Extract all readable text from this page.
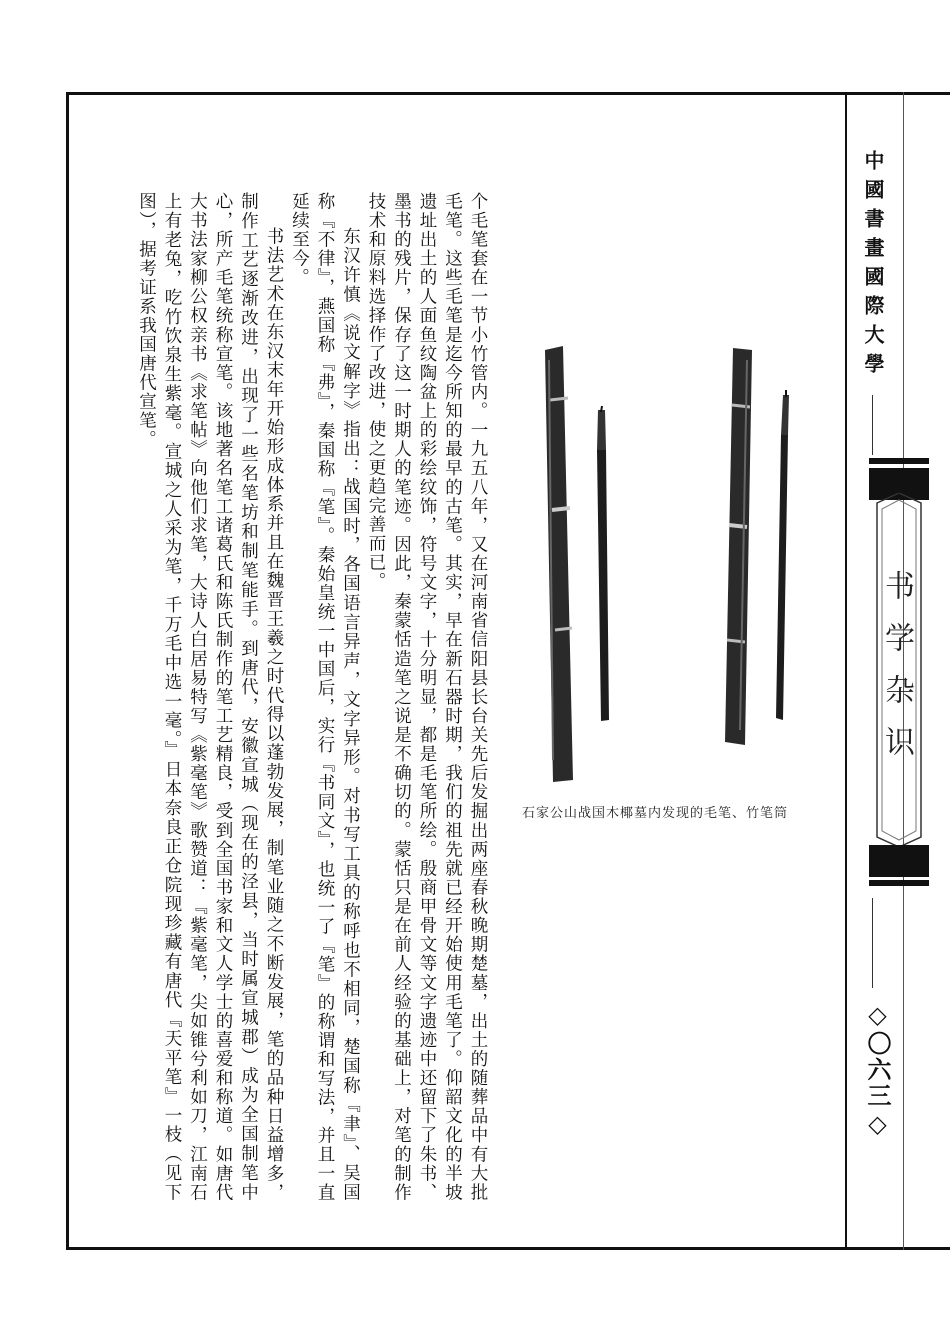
中國書畫國際大學
书学杂识
◇〇六三◇
石家公山战国木椰墓内发现的毛笔、竹笔筒

个毛笔套在一节小竹管内。一九五八年，又在河南省信阳县长台关先后发掘出两座春秋晚期楚墓，出土的随葬品中有大批毛笔。这些毛笔是迄今所知的最早的古笔。其实，早在新石器时期，我们的祖先就已经开始使用毛笔了。仰韶文化的半坡遗址出土的人面鱼纹陶盆上的彩绘纹饰，符号文字，十分明显，都是毛笔所绘。殷商甲骨文等文字遗迹中还留下了朱书、墨书的残片，保存了这一时期人的笔迹。因此，秦蒙恬造笔之说是不确切的。蒙恬只是在前人经验的基础上，对笔的制作技术和原料选择作了改进，使之更趋完善而已。

东汉许慎《说文解字》指出：战国时，各国语言异声，文字异形。对书写工具的称呼也不相同，楚国称『聿』、吴国称『不律』，燕国称『弗』，秦国称『笔』。秦始皇统一中国后，实行『书同文』，也统一了『笔』的称谓和写法，并且一直延续至今。

书法艺术在东汉末年开始形成体系并且在魏晋王羲之时代得以蓬勃发展，制笔业随之不断发展，笔的品种日益增多，制作工艺逐渐改进，出现了一些名笔坊和制笔能手。到唐代，安徽宣城（现在的泾县，当时属宣城郡）成为全国制笔中心，所产毛笔统称宣笔。该地著名笔工诸葛氏和陈氏制作的笔工艺精良，受到全国书家和文人学士的喜爱和称道。如唐代大书法家柳公权亲书《求笔帖》向他们求笔，大诗人白居易特写《紫毫笔》歌赞道：『紫毫笔，尖如锥兮利如刀，江南石上有老兔，吃竹饮泉生紫毫。宣城之人采为笔，千万毛中选一毫。』日本奈良正仓院现珍藏有唐代『天平笔』一枝（见下图），据考证系我国唐代宣笔。
